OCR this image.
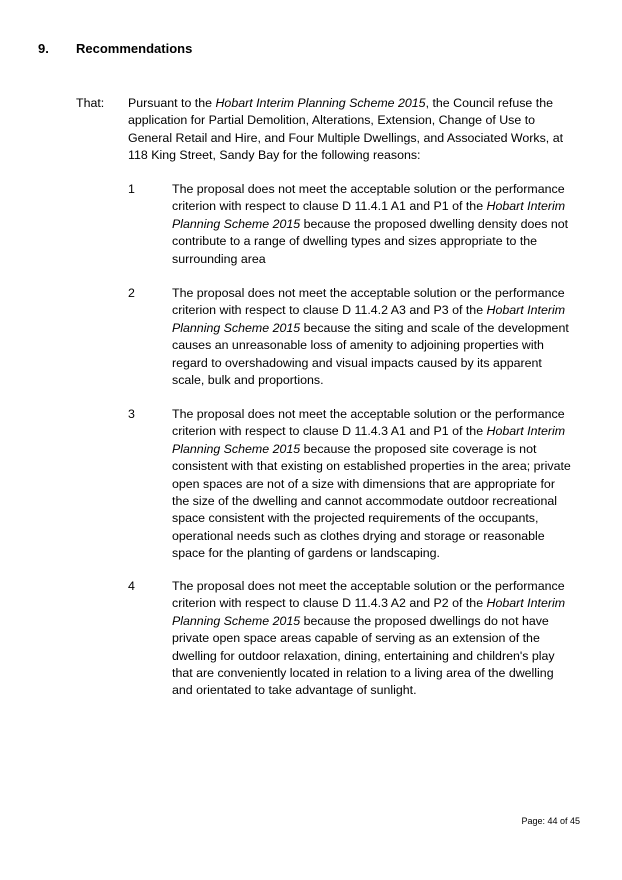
9. Recommendations
That: Pursuant to the Hobart Interim Planning Scheme 2015, the Council refuse the application for Partial Demolition, Alterations, Extension, Change of Use to General Retail and Hire, and Four Multiple Dwellings, and Associated Works, at 118 King Street, Sandy Bay for the following reasons:
1	The proposal does not meet the acceptable solution or the performance criterion with respect to clause D 11.4.1 A1 and P1 of the Hobart Interim Planning Scheme 2015 because the proposed dwelling density does not contribute to a range of dwelling types and sizes appropriate to the surrounding area
2	The proposal does not meet the acceptable solution or the performance criterion with respect to clause D 11.4.2 A3 and P3 of the Hobart Interim Planning Scheme 2015 because the siting and scale of the development causes an unreasonable loss of amenity to adjoining properties with regard to overshadowing and visual impacts caused by its apparent scale, bulk and proportions.
3	The proposal does not meet the acceptable solution or the performance criterion with respect to clause D 11.4.3 A1 and P1 of the Hobart Interim Planning Scheme 2015 because the proposed site coverage is not consistent with that existing on established properties in the area; private open spaces are not of a size with dimensions that are appropriate for the size of the dwelling and cannot accommodate outdoor recreational space consistent with the projected requirements of the occupants, operational needs such as clothes drying and storage or reasonable space for the planting of gardens or landscaping.
4	The proposal does not meet the acceptable solution or the performance criterion with respect to clause D 11.4.3 A2 and P2 of the Hobart Interim Planning Scheme 2015 because the proposed dwellings do not have private open space areas capable of serving as an extension of the dwelling for outdoor relaxation, dining, entertaining and children's play that are conveniently located in relation to a living area of the dwelling and orientated to take advantage of sunlight.
Page: 44 of 45
